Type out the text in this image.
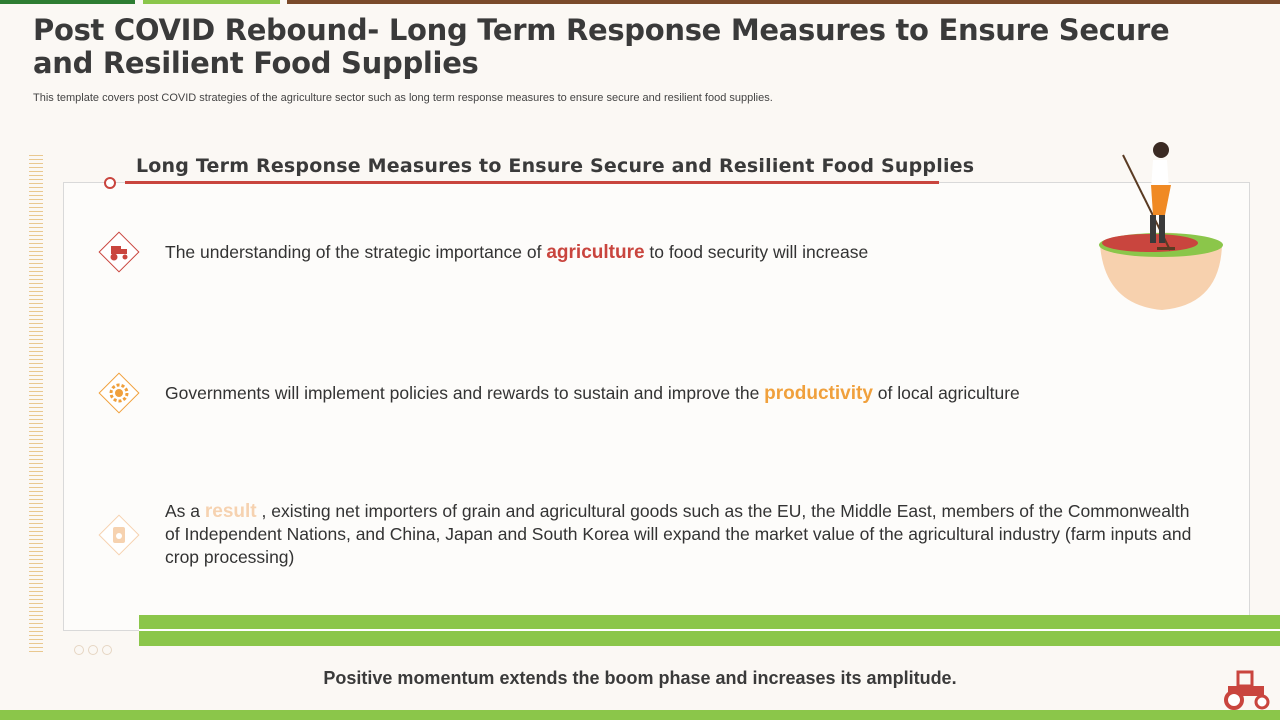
Post COVID Rebound- Long Term Response Measures to Ensure Secure and Resilient Food Supplies
This template covers post COVID strategies of the agriculture sector such as long term response measures to ensure secure and resilient food supplies.
Long Term Response Measures to Ensure Secure and Resilient Food Supplies
The understanding of the strategic importance of agriculture to food security will increase
Governments will implement policies and rewards to sustain and improve the productivity of local agriculture
As a result , existing net importers of grain and agricultural goods such as the EU, the Middle East, members of the Commonwealth of Independent Nations, and China, Japan and South Korea will expand the market value of the agricultural industry (farm inputs and crop processing)
Positive momentum extends the boom phase and increases its amplitude.
